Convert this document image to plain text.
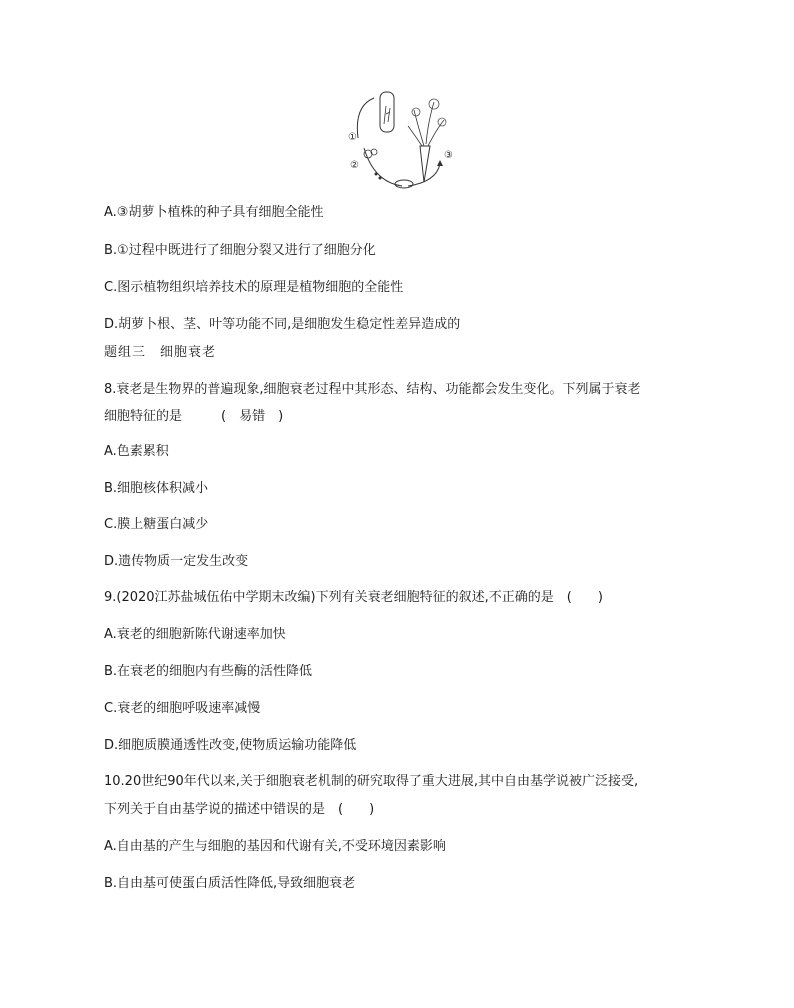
①
②
③
A.③胡萝卜植株的种子具有细胞全能性
B.①过程中既进行了细胞分裂又进行了细胞分化
C.图示植物组织培养技术的原理是植物细胞的全能性
D.胡萝卜根、茎、叶等功能不同,是细胞发生稳定性差异造成的
题组三　细胞衰老
8.衰老是生物界的普遍现象,细胞衰老过程中其形态、结构、功能都会发生变化。下列属于衰老
细胞特征的是　　　(　易错　)
A.色素累积
B.细胞核体积减小
C.膜上糖蛋白减少
D.遗传物质一定发生改变
9.(2020江苏盐城伍佑中学期末改编)下列有关衰老细胞特征的叙述,不正确的是　(　　)
A.衰老的细胞新陈代谢速率加快
B.在衰老的细胞内有些酶的活性降低
C.衰老的细胞呼吸速率减慢
D.细胞质膜通透性改变,使物质运输功能降低
10.20世纪90年代以来,关于细胞衰老机制的研究取得了重大进展,其中自由基学说被广泛接受,
下列关于自由基学说的描述中错误的是　(　　)
A.自由基的产生与细胞的基因和代谢有关,不受环境因素影响
B.自由基可使蛋白质活性降低,导致细胞衰老
